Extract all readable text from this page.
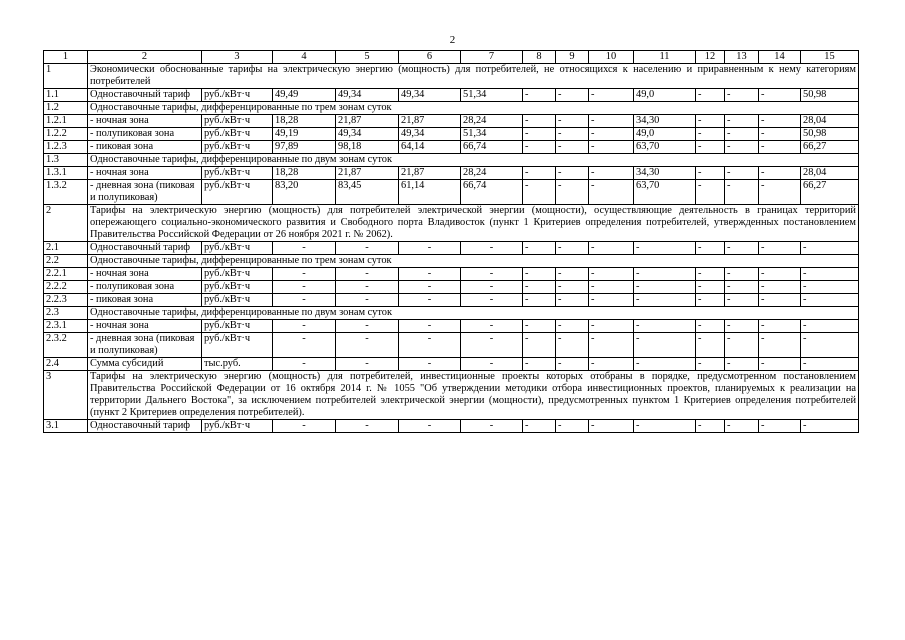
2
1	2	3	4	5	6	7	8	9	10	11	12	13	14	15
1	Экономически обоснованные тарифы на электрическую энергию (мощность) для потребителей, не относящихся к населению и приравненным к нему категориям потребителей													
1.1	Одноставочный тариф	руб./кВт·ч	49,49	49,34	49,34	51,34	-	-	-	49,0	-	-	-	50,98
1.2	Одноставочные тарифы, дифференцированные по трем зонам суток													
1.2.1	- ночная зона	руб./кВт·ч	18,28	21,87	21,87	28,24	-	-	-	34,30	-	-	-	28,04
1.2.2	- полупиковая зона	руб./кВт·ч	49,19	49,34	49,34	51,34	-	-	-	49,0	-	-	-	50,98
1.2.3	- пиковая зона	руб./кВт·ч	97,89	98,18	64,14	66,74	-	-	-	63,70	-	-	-	66,27
1.3	Одноставочные тарифы, дифференцированные по двум зонам суток													
1.3.1	- ночная зона	руб./кВт·ч	18,28	21,87	21,87	28,24	-	-	-	34,30	-	-	-	28,04
1.3.2	- дневная зона (пиковая и полупиковая)	руб./кВт·ч	83,20	83,45	61,14	66,74	-	-	-	63,70	-	-	-	66,27
2	Тарифы на электрическую энергию (мощность) для потребителей электрической энергии (мощности), осуществляющие деятельность в границах территорий опережающего социально-экономического развития и Свободного порта Владивосток (пункт 1 Критериев определения потребителей, утвержденных постановлением Правительства Российской Федерации от 26 ноября 2021 г. № 2062).													
2.1	Одноставочный тариф	руб./кВт·ч	-	-	-	-	-	-	-	-	-	-	-	-
2.2	Одноставочные тарифы, дифференцированные по трем зонам суток													
2.2.1	- ночная зона	руб./кВт·ч	-	-	-	-	-	-	-	-	-	-	-	-
2.2.2	- полупиковая зона	руб./кВт·ч	-	-	-	-	-	-	-	-	-	-	-	-
2.2.3	- пиковая зона	руб./кВт·ч	-	-	-	-	-	-	-	-	-	-	-	-
2.3	Одноставочные тарифы, дифференцированные по двум зонам суток													
2.3.1	- ночная зона	руб./кВт·ч	-	-	-	-	-	-	-	-	-	-	-	-
2.3.2	- дневная зона (пиковая и полупиковая)	руб./кВт·ч	-	-	-	-	-	-	-	-	-	-	-	-
2.4	Сумма субсидий	тыс.руб.	-	-	-	-	-	-	-	-	-	-	-	-
3	Тарифы на электрическую энергию (мощность) для потребителей, инвестиционные проекты которых отобраны в порядке, предусмотренном постановлением Правительства Российской Федерации от 16 октября 2014 г. № 1055 "Об утверждении методики отбора инвестиционных проектов, планируемых к реализации на территории Дальнего Востока", за исключением потребителей электрической энергии (мощности), предусмотренных пунктом 1 Критериев определения потребителей (пункт 2 Критериев определения потребителей).													
3.1	Одноставочный тариф	руб./кВт·ч	-	-	-	-	-	-	-	-	-	-	-	-
